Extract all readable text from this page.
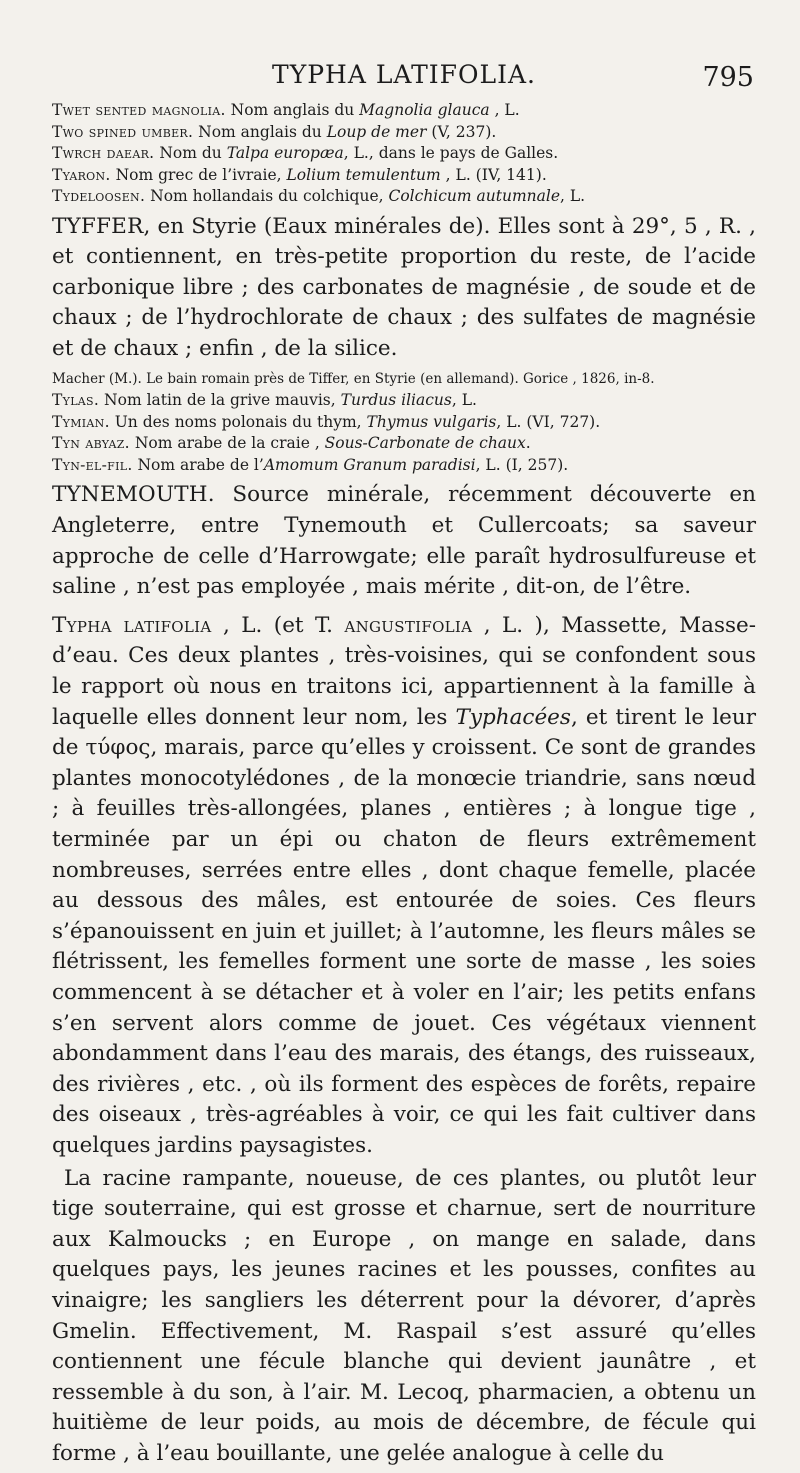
TYPHA LATIFOLIA.	795
Twet sented magnolia. Nom anglais du Magnolia glauca , L.
Two spined umber. Nom anglais du Loup de mer (V, 237).
Twrch daear. Nom du Talpa europæa, L., dans le pays de Galles.
Tyaron. Nom grec de l’ivraie, Lolium temulentum , L. (IV, 141).
Tydeloosen. Nom hollandais du colchique, Colchicum autumnale, L.
TYFFER, en Styrie (Eaux minérales de). Elles sont à 29°, 5 , R. , et contiennent, en très-petite proportion du reste, de l’acide carbonique libre ; des carbonates de magnésie , de soude et de chaux ; de l’hydrochlorate de chaux ; des sulfates de magnésie et de chaux ; enfin , de la silice.
Macher (M.). Le bain romain près de Tiffer, en Styrie (en allemand). Gorice , 1826, in-8.
Tylas. Nom latin de la grive mauvis, Turdus iliacus, L.
Tymian. Un des noms polonais du thym, Thymus vulgaris, L. (VI, 727).
Tyn abyaz. Nom arabe de la craie , Sous-Carbonate de chaux.
Tyn-el-fil. Nom arabe de l’Amomum Granum paradisi, L. (I, 257).
TYNEMOUTH. Source minérale, récemment découverte en Angleterre, entre Tynemouth et Cullercoats; sa saveur approche de celle d’Harrowgate; elle paraît hydrosulfureuse et saline , n’est pas employée , mais mérite , dit-on, de l’être.
Typha latifolia , L. (et T. angustifolia , L. ), Massette, Masse-d’eau. Ces deux plantes , très-voisines, qui se confondent sous le rapport où nous en traitons ici, appartiennent à la famille à laquelle elles donnent leur nom, les Typhacées, et tirent le leur de τύφος, marais, parce qu’elles y croissent. Ce sont de grandes plantes monocotylédones , de la monœcie triandrie, sans nœud ; à feuilles très-allongées, planes , entières ; à longue tige , terminée par un épi ou chaton de fleurs extrêmement nombreuses, serrées entre elles , dont chaque femelle, placée au dessous des mâles, est entourée de soies. Ces fleurs s’épanouissent en juin et juillet; à l’automne, les fleurs mâles se flétrissent, les femelles forment une sorte de masse , les soies commencent à se détacher et à voler en l’air; les petits enfans s’en servent alors comme de jouet. Ces végétaux viennent abondamment dans l’eau des marais, des étangs, des ruisseaux, des rivières , etc. , où ils forment des espèces de forêts, repaire des oiseaux , très-agréables à voir, ce qui les fait cultiver dans quelques jardins paysagistes.
La racine rampante, noueuse, de ces plantes, ou plutôt leur tige souterraine, qui est grosse et charnue, sert de nourriture aux Kalmoucks ; en Europe , on mange en salade, dans quelques pays, les jeunes racines et les pousses, confites au vinaigre; les sangliers les déterrent pour la dévorer, d’après Gmelin. Effectivement, M. Raspail s’est assuré qu’elles contiennent une fécule blanche qui devient jaunâtre , et ressemble à du son, à l’air. M. Lecoq, pharmacien, a obtenu un huitième de leur poids, au mois de décembre, de fécule qui forme , à l’eau bouillante, une gelée analogue à celle du
